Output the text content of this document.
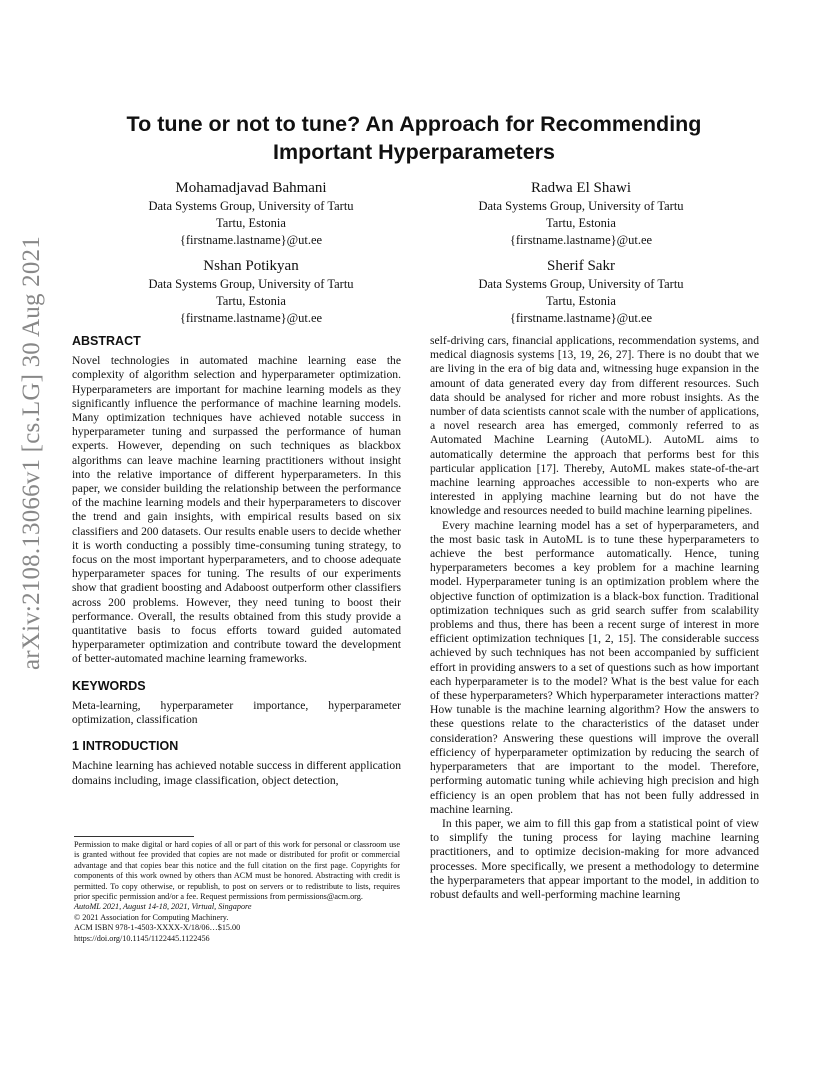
arXiv:2108.13066v1 [cs.LG] 30 Aug 2021
To tune or not to tune? An Approach for Recommending
Important Hyperparameters
Mohamadjavad Bahmani
Data Systems Group, University of Tartu
Tartu, Estonia
{firstname.lastname}@ut.ee
Radwa El Shawi
Data Systems Group, University of Tartu
Tartu, Estonia
{firstname.lastname}@ut.ee
Nshan Potikyan
Data Systems Group, University of Tartu
Tartu, Estonia
{firstname.lastname}@ut.ee
Sherif Sakr
Data Systems Group, University of Tartu
Tartu, Estonia
{firstname.lastname}@ut.ee
ABSTRACT

Novel technologies in automated machine learning ease the complexity of algorithm selection and hyperparameter optimization. Hyperparameters are important for machine learning models as they significantly influence the performance of machine learning models. Many optimization techniques have achieved notable success in hyperparameter tuning and surpassed the performance of human experts. However, depending on such techniques as blackbox algorithms can leave machine learning practitioners without insight into the relative importance of different hyperparameters. In this paper, we consider building the relationship between the performance of the machine learning models and their hyperparameters to discover the trend and gain insights, with empirical results based on six classifiers and 200 datasets. Our results enable users to decide whether it is worth conducting a possibly time-consuming tuning strategy, to focus on the most important hyperparameters, and to choose adequate hyperparameter spaces for tuning. The results of our experiments show that gradient boosting and Adaboost outperform other classifiers across 200 problems. However, they need tuning to boost their performance. Overall, the results obtained from this study provide a quantitative basis to focus efforts toward guided automated hyperparameter optimization and contribute toward the development of better-automated machine learning frameworks.

KEYWORDS

Meta-learning, hyperparameter importance, hyperparameter optimization, classification

1 INTRODUCTION

Machine learning has achieved notable success in different application domains including, image classification, object detection,

Permission to make digital or hard copies of all or part of this work for personal or classroom use is granted without fee provided that copies are not made or distributed for profit or commercial advantage and that copies bear this notice and the full citation on the first page. Copyrights for components of this work owned by others than ACM must be honored. Abstracting with credit is permitted. To copy otherwise, or republish, to post on servers or to redistribute to lists, requires prior specific permission and/or a fee. Request permissions from permissions@acm.org.

AutoML 2021, August 14-18, 2021, Virtual, Singapore

© 2021 Association for Computing Machinery.

ACM ISBN 978-1-4503-XXXX-X/18/06…$15.00

https://doi.org/10.1145/1122445.1122456

self-driving cars, financial applications, recommendation systems, and medical diagnosis systems [13, 19, 26, 27]. There is no doubt that we are living in the era of big data and, witnessing huge expansion in the amount of data generated every day from different resources. Such data should be analysed for richer and more robust insights. As the number of data scientists cannot scale with the number of applications, a novel research area has emerged, commonly referred to as Automated Machine Learning (AutoML). AutoML aims to automatically determine the approach that performs best for this particular application [17]. Thereby, AutoML makes state-of-the-art machine learning approaches accessible to non-experts who are interested in applying machine learning but do not have the knowledge and resources needed to build machine learning pipelines.

Every machine learning model has a set of hyperparameters, and the most basic task in AutoML is to tune these hyperparameters to achieve the best performance automatically. Hence, tuning hyperparameters becomes a key problem for a machine learning model. Hyperparameter tuning is an optimization problem where the objective function of optimization is a black-box function. Traditional optimization techniques such as grid search suffer from scalability problems and thus, there has been a recent surge of interest in more efficient optimization techniques [1, 2, 15]. The considerable success achieved by such techniques has not been accompanied by sufficient effort in providing answers to a set of questions such as how important each hyperparameter is to the model? What is the best value for each of these hyperparameters? Which hyperparameter interactions matter? How tunable is the machine learning algorithm? How the answers to these questions relate to the characteristics of the dataset under consideration? Answering these questions will improve the overall efficiency of hyperparameter optimization by reducing the search of hyperparameters that are important to the model. Therefore, performing automatic tuning while achieving high precision and high efficiency is an open problem that has not been fully addressed in machine learning.

In this paper, we aim to fill this gap from a statistical point of view to simplify the tuning process for laying machine learning practitioners, and to optimize decision-making for more advanced processes. More specifically, we present a methodology to determine the hyperparameters that appear important to the model, in addition to robust defaults and well-performing machine learning
